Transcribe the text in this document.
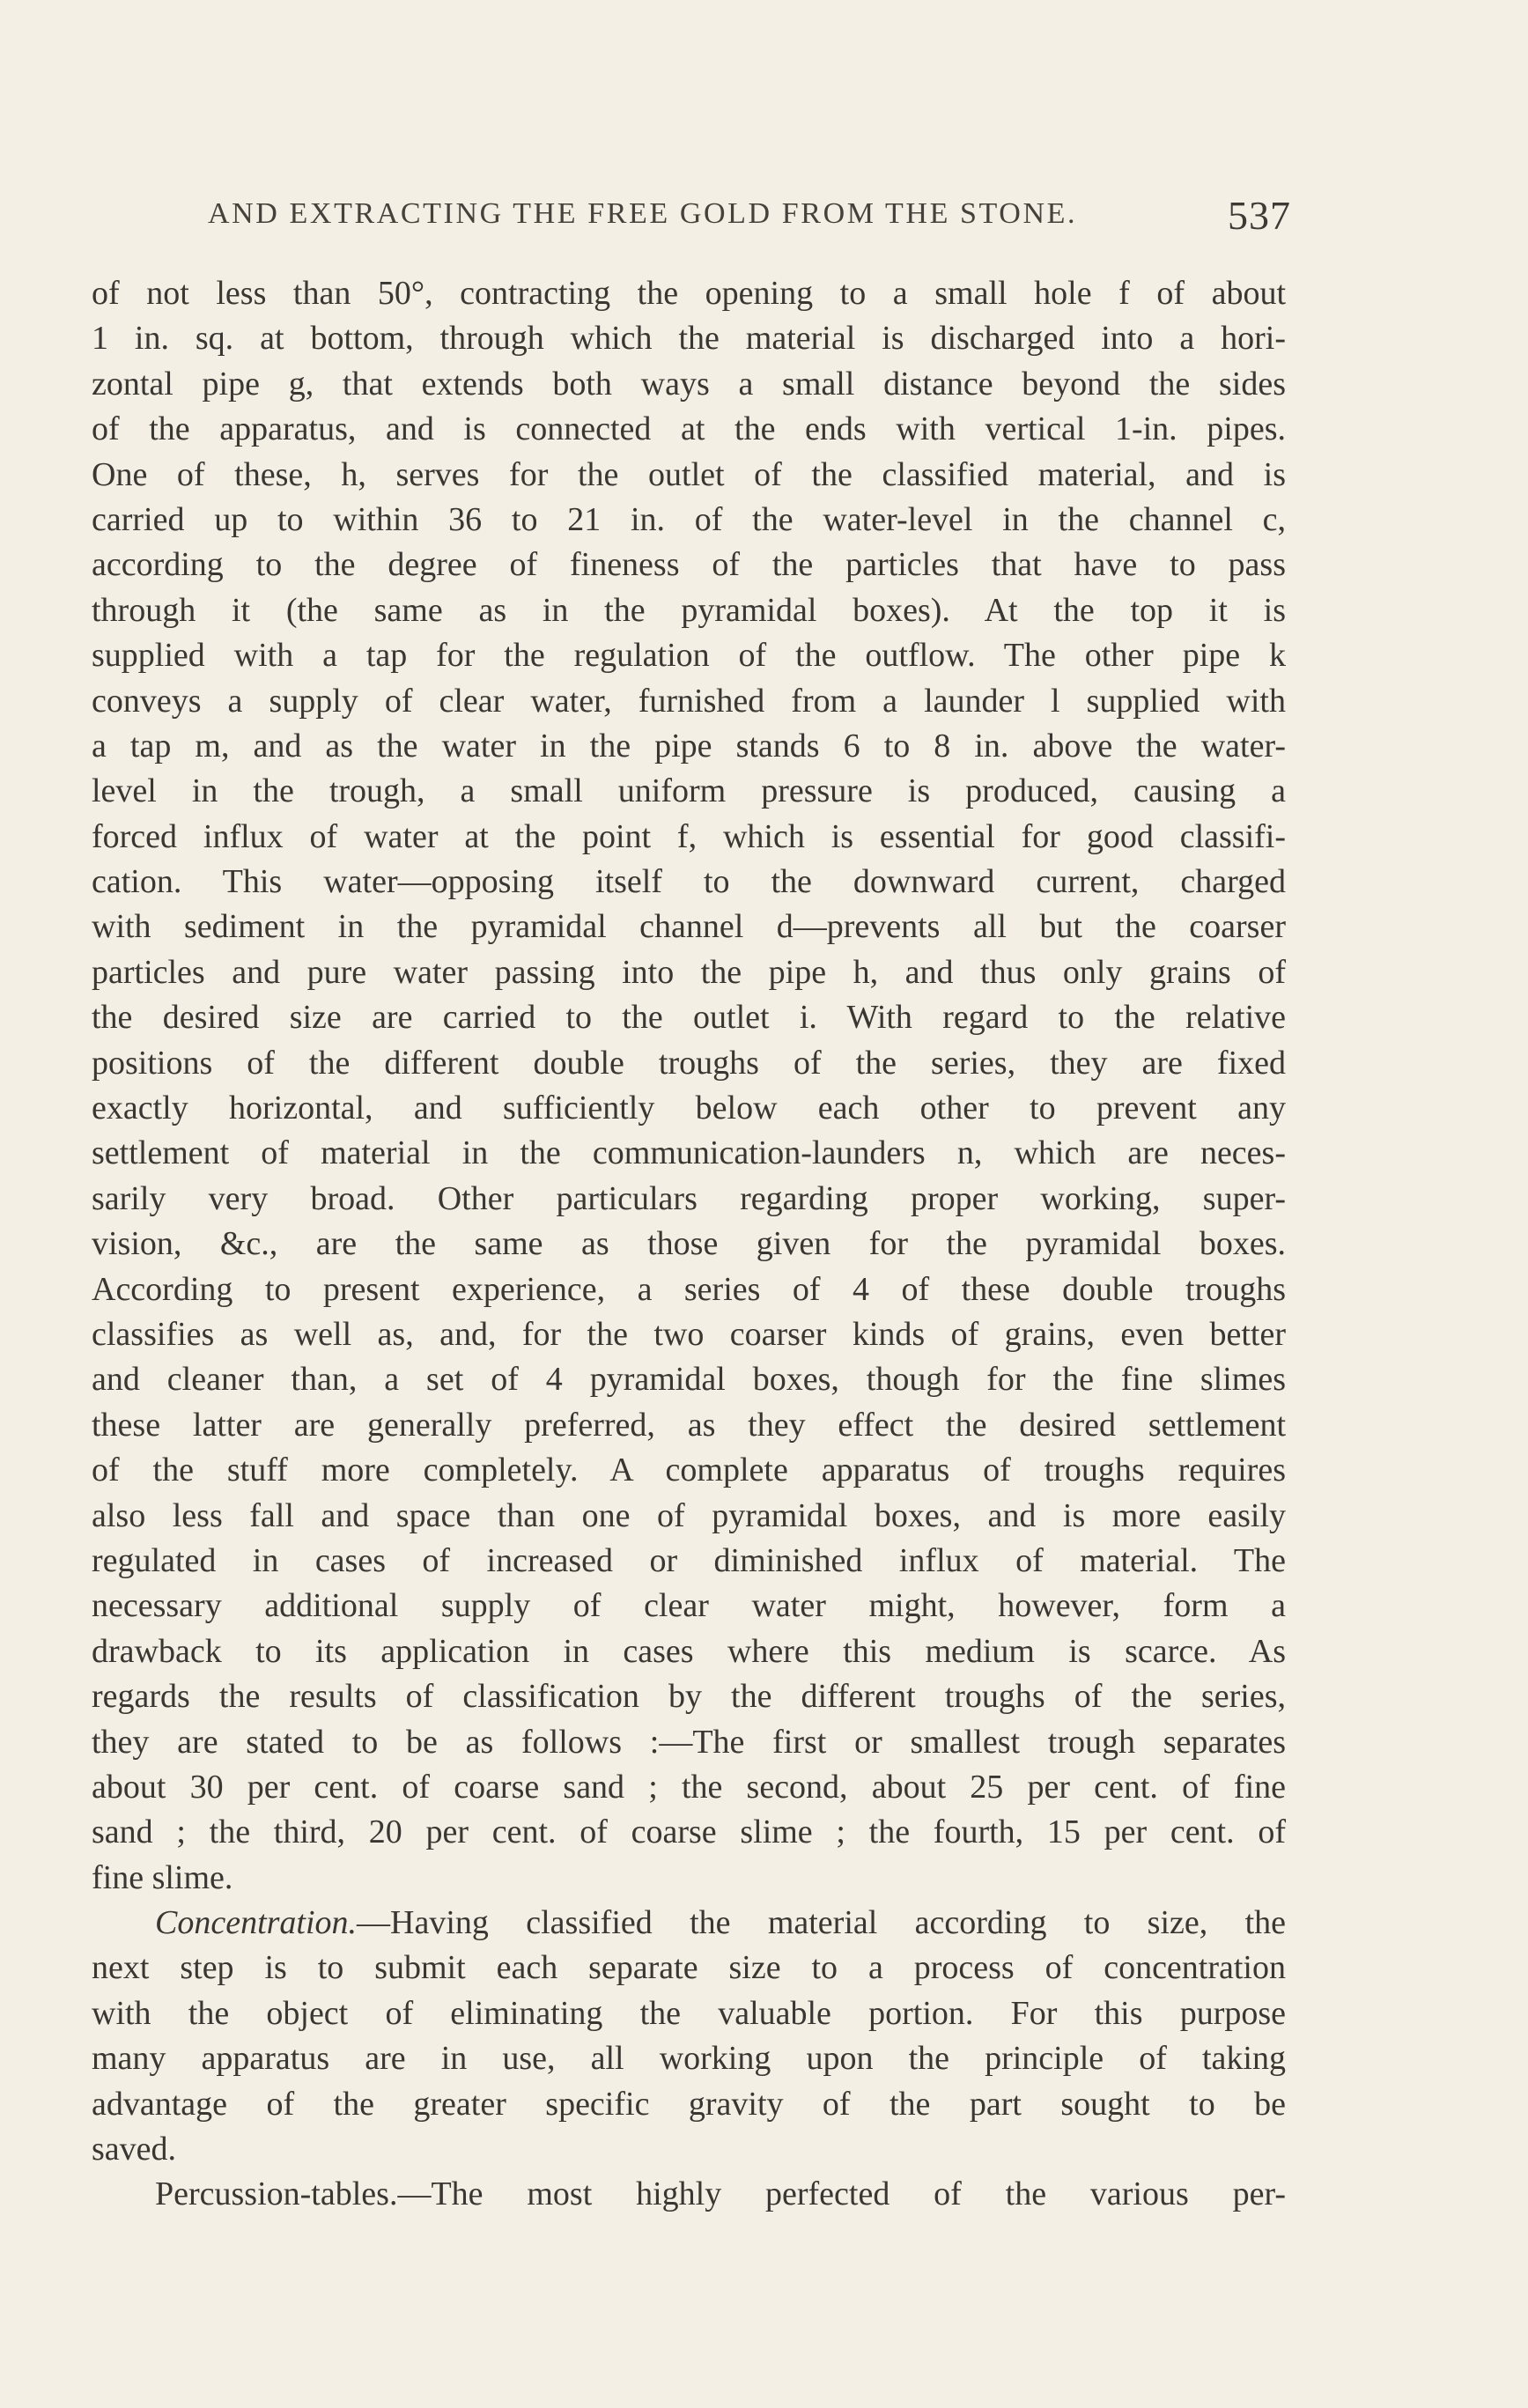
AND EXTRACTING THE FREE GOLD FROM THE STONE.	537
of not less than 50°, contracting the opening to a small hole f of about
1 in. sq. at bottom, through which the material is discharged into a hori-
zontal pipe g, that extends both ways a small distance beyond the sides
of the apparatus, and is connected at the ends with vertical 1-in. pipes.
One of these, h, serves for the outlet of the classified material, and is
carried up to within 36 to 21 in. of the water-level in the channel c,
according to the degree of fineness of the particles that have to pass
through it (the same as in the pyramidal boxes). At the top it is
supplied with a tap for the regulation of the outflow. The other pipe k
conveys a supply of clear water, furnished from a launder l supplied with
a tap m, and as the water in the pipe stands 6 to 8 in. above the water-
level in the trough, a small uniform pressure is produced, causing a
forced influx of water at the point f, which is essential for good classifi-
cation. This water—opposing itself to the downward current, charged
with sediment in the pyramidal channel d—prevents all but the coarser
particles and pure water passing into the pipe h, and thus only grains of
the desired size are carried to the outlet i. With regard to the relative
positions of the different double troughs of the series, they are fixed
exactly horizontal, and sufficiently below each other to prevent any
settlement of material in the communication-launders n, which are neces-
sarily very broad. Other particulars regarding proper working, super-
vision, &c., are the same as those given for the pyramidal boxes.
According to present experience, a series of 4 of these double troughs
classifies as well as, and, for the two coarser kinds of grains, even better
and cleaner than, a set of 4 pyramidal boxes, though for the fine slimes
these latter are generally preferred, as they effect the desired settlement
of the stuff more completely. A complete apparatus of troughs requires
also less fall and space than one of pyramidal boxes, and is more easily
regulated in cases of increased or diminished influx of material. The
necessary additional supply of clear water might, however, form a
drawback to its application in cases where this medium is scarce. As
regards the results of classification by the different troughs of the series,
they are stated to be as follows :—The first or smallest trough separates
about 30 per cent. of coarse sand ; the second, about 25 per cent. of fine
sand ; the third, 20 per cent. of coarse slime ; the fourth, 15 per cent. of
fine slime.
Concentration.—Having classified the material according to size, the
next step is to submit each separate size to a process of concentration
with the object of eliminating the valuable portion. For this purpose
many apparatus are in use, all working upon the principle of taking
advantage of the greater specific gravity of the part sought to be
saved.
Percussion-tables.—The most highly perfected of the various per-
